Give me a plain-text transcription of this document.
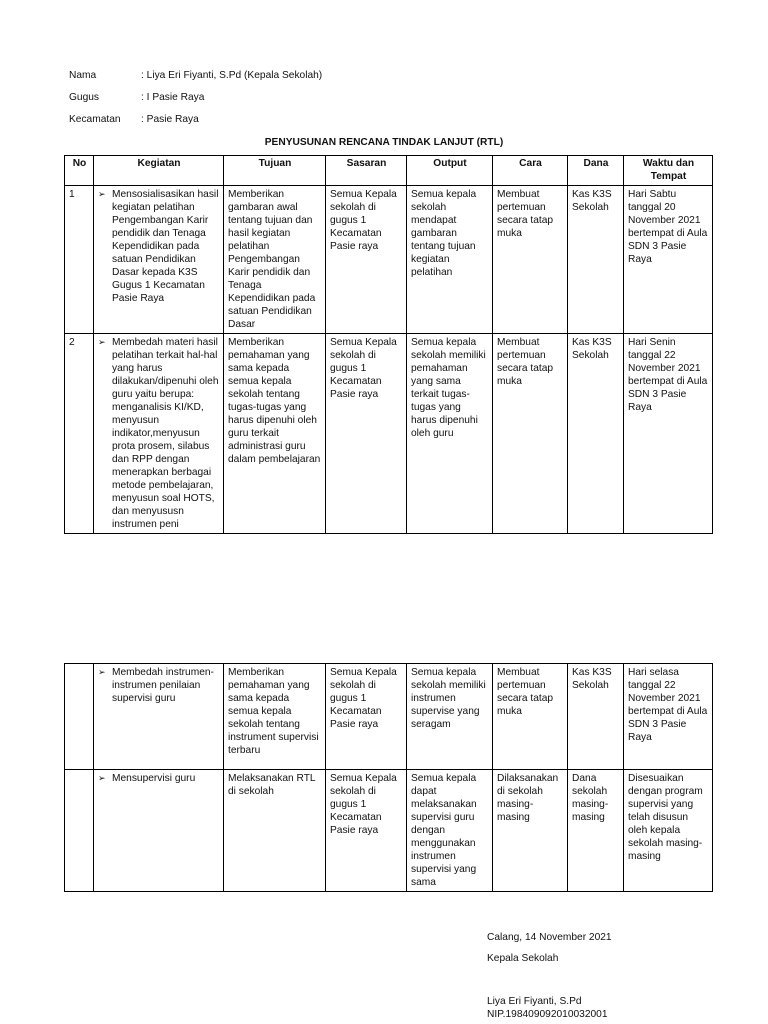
Nama	: Liya Eri Fiyanti, S.Pd (Kepala Sekolah)
Gugus	: I Pasie Raya
Kecamatan : Pasie Raya
PENYUSUNAN RENCANA TINDAK LANJUT (RTL)
No	Kegiatan	Tujuan	Sasaran	Output	Cara	Dana	Waktu dan Tempat
1	➢ Mensosialisasikan hasil kegiatan pelatihan Pengembangan Karir pendidik dan Tenaga Kependidikan pada satuan Pendidikan Dasar kepada K3S Gugus 1 Kecamatan Pasie Raya	Memberikan gambaran awal tentang tujuan dan hasil kegiatan pelatihan Pengembangan Karir pendidik dan Tenaga Kependidikan pada satuan Pendidikan Dasar	Semua Kepala sekolah di gugus 1 Kecamatan Pasie raya	Semua kepala sekolah mendapat gambaran tentang tujuan kegiatan pelatihan	Membuat pertemuan secara tatap muka	Kas K3S Sekolah	Hari Sabtu tanggal 20 November 2021 bertempat di Aula SDN 3 Pasie Raya
2	➢ Membedah materi hasil pelatihan terkait hal-hal yang harus dilakukan/dipenuhi oleh guru yaitu berupa: menganalisis KI/KD, menyusun indikator,menyusun prota prosem, silabus dan RPP dengan menerapkan berbagai metode pembelajaran, menyusun soal HOTS, dan menyususn instrumen peni	Memberikan pemahaman yang sama kepada semua kepala sekolah tentang tugas-tugas yang harus dipenuhi oleh guru terkait administrasi guru dalam pembelajaran	Semua Kepala sekolah di gugus 1 Kecamatan Pasie raya	Semua kepala sekolah memiliki pemahaman yang sama terkait tugas-tugas yang harus dipenuhi oleh guru	Membuat pertemuan secara tatap muka	Kas K3S Sekolah	Hari Senin tanggal 22 November 2021 bertempat di Aula SDN 3 Pasie Raya

	➢ Membedah instrumen-instrumen penilaian supervisi guru	Memberikan pemahaman yang sama kepada semua kepala sekolah tentang instrument supervisi terbaru	Semua Kepala sekolah di gugus 1 Kecamatan Pasie raya	Semua kepala sekolah memiliki instrumen supervise yang seragam	Membuat pertemuan secara tatap muka	Kas K3S Sekolah	Hari selasa tanggal 22 November 2021 bertempat di Aula SDN 3 Pasie Raya

	➢ Mensupervisi guru	Melaksanakan RTL di sekolah	Semua Kepala sekolah di gugus 1 Kecamatan Pasie raya	Semua kepala dapat melaksanakan supervisi guru dengan menggunakan instrumen supervisi yang sama	Dilaksanakan di sekolah masing-masing	Dana sekolah masing-masing	Disesuaikan dengan program supervisi yang telah disusun oleh kepala sekolah masing-masing
Calang, 14 November 2021
Kepala Sekolah
Liya Eri Fiyanti, S.Pd
NIP.198409092010032001
